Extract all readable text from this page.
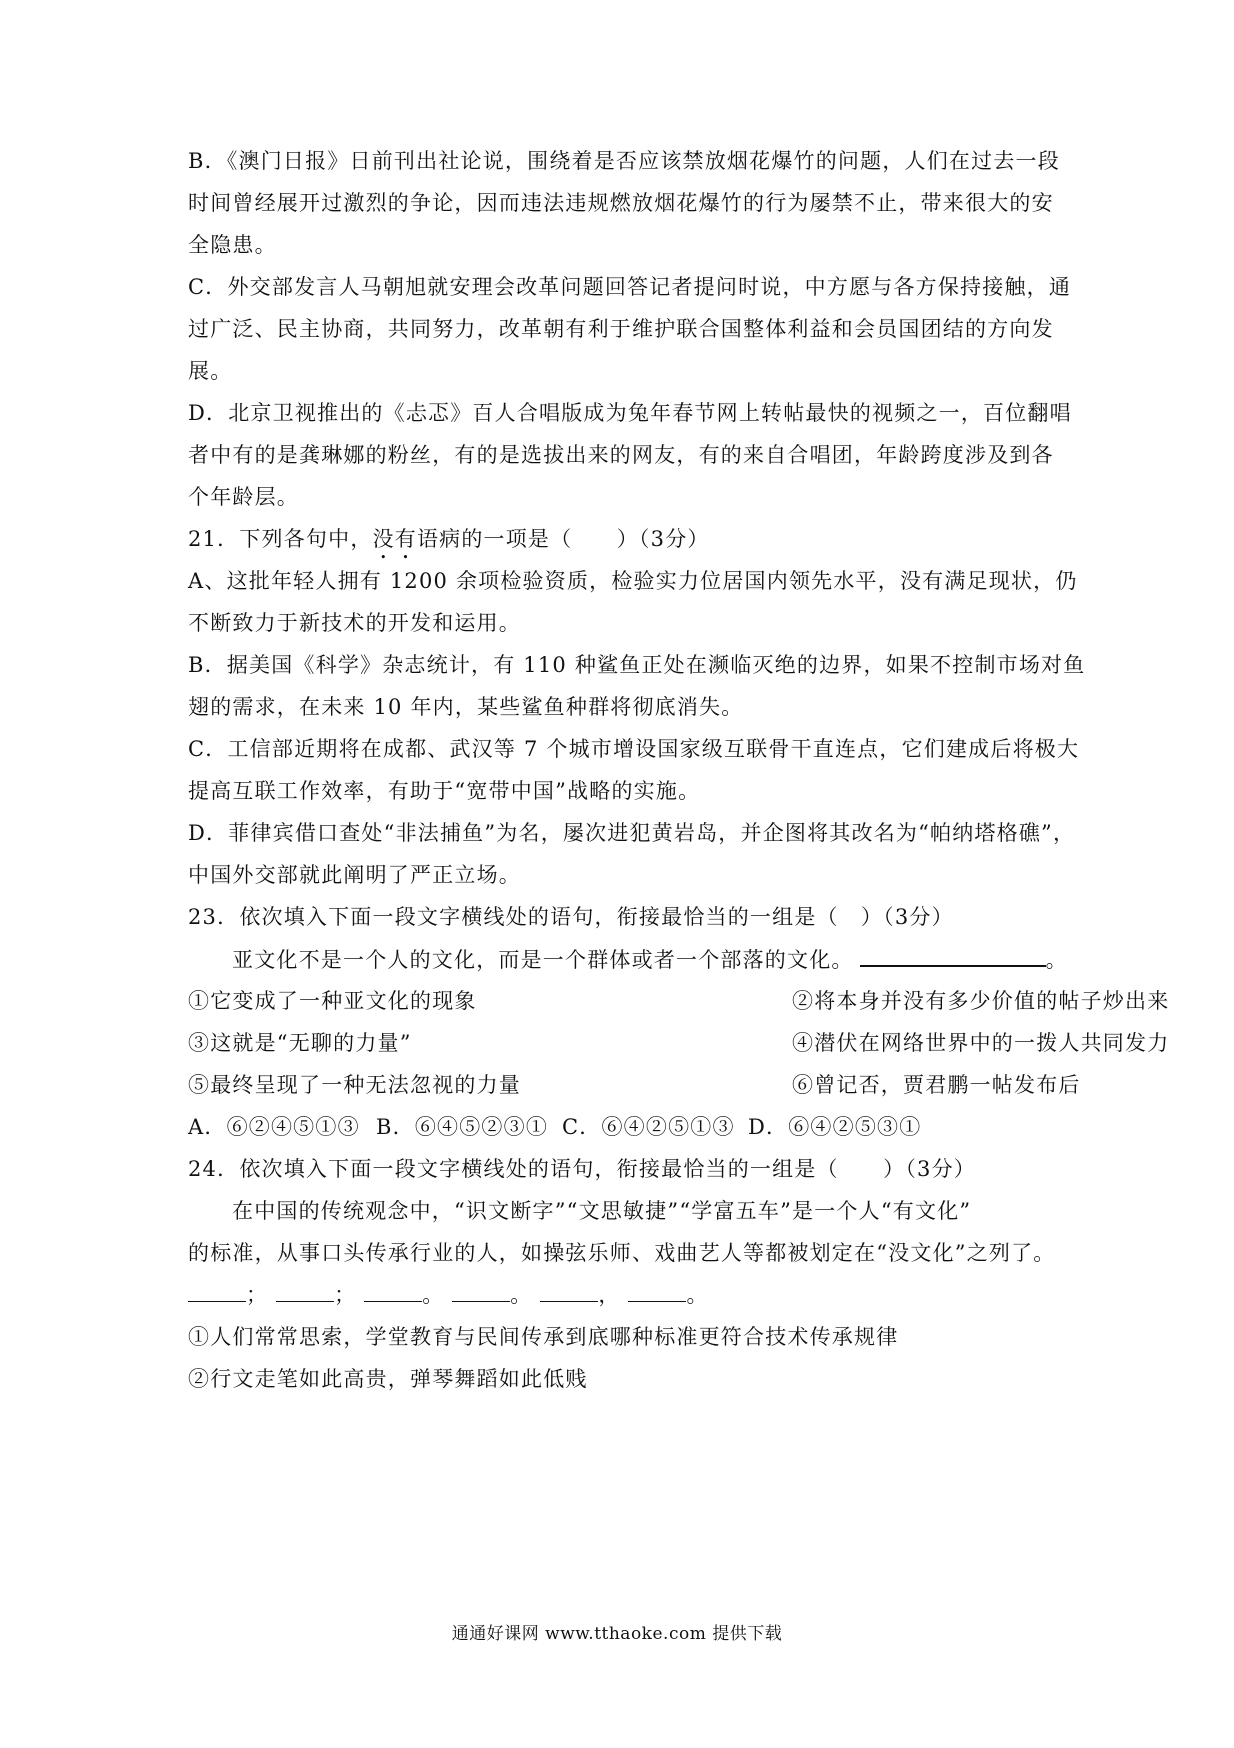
B．《澳门日报》日前刊出社论说，围绕着是否应该禁放烟花爆竹的问题，人们在过去一段
时间曾经展开过激烈的争论，因而违法违规燃放烟花爆竹的行为屡禁不止，带来很大的安
全隐患。
C．外交部发言人马朝旭就安理会改革问题回答记者提问时说，中方愿与各方保持接触，通
过广泛、民主协商，共同努力，改革朝有利于维护联合国整体利益和会员国团结的方向发
展。
D．北京卫视推出的《忐忑》百人合唱版成为兔年春节网上转帖最快的视频之一，百位翻唱
者中有的是龚琳娜的粉丝，有的是选拔出来的网友，有的来自合唱团，年龄跨度涉及到各
个年龄层。
21．下列各句中，没有语病的一项是（　　）（3分）
A、这批年轻人拥有 1200 余项检验资质，检验实力位居国内领先水平，没有满足现状，仍
不断致力于新技术的开发和运用。
B．据美国《科学》杂志统计，有 110 种鲨鱼正处在濒临灭绝的边界，如果不控制市场对鱼
翅的需求，在未来 10 年内，某些鲨鱼种群将彻底消失。
C．工信部近期将在成都、武汉等 7 个城市增设国家级互联骨干直连点，它们建成后将极大
提高互联工作效率，有助于“宽带中国”战略的实施。
D．菲律宾借口查处“非法捕鱼”为名，屡次进犯黄岩岛，并企图将其改名为“帕纳塔格礁”，
中国外交部就此阐明了严正立场。
23．依次填入下面一段文字横线处的语句，衔接最恰当的一组是（　）（3分）
亚文化不是一个人的文化，而是一个群体或者一个部落的文化。	。
①它变成了一种亚文化的现象	②将本身并没有多少价值的帖子炒出来
③这就是“无聊的力量”	④潜伏在网络世界中的一拨人共同发力
⑤最终呈现了一种无法忽视的力量	⑥曾记否，贾君鹏一帖发布后
A．⑥②④⑤①③ B．⑥④⑤②③① C．⑥④②⑤①③ D．⑥④②⑤③①
24．依次填入下面一段文字横线处的语句，衔接最恰当的一组是（　　）（3分）
在中国的传统观念中，“识文断字”“文思敏捷”“学富五车”是一个人“有文化”
的标准，从事口头传承行业的人，如操弦乐师、戏曲艺人等都被划定在“没文化”之列了。
；	；	。	。	，	。
①人们常常思索，学堂教育与民间传承到底哪种标准更符合技术传承规律
②行文走笔如此高贵，弹琴舞蹈如此低贱
通通好课网 www.tthaoke.com 提供下载
